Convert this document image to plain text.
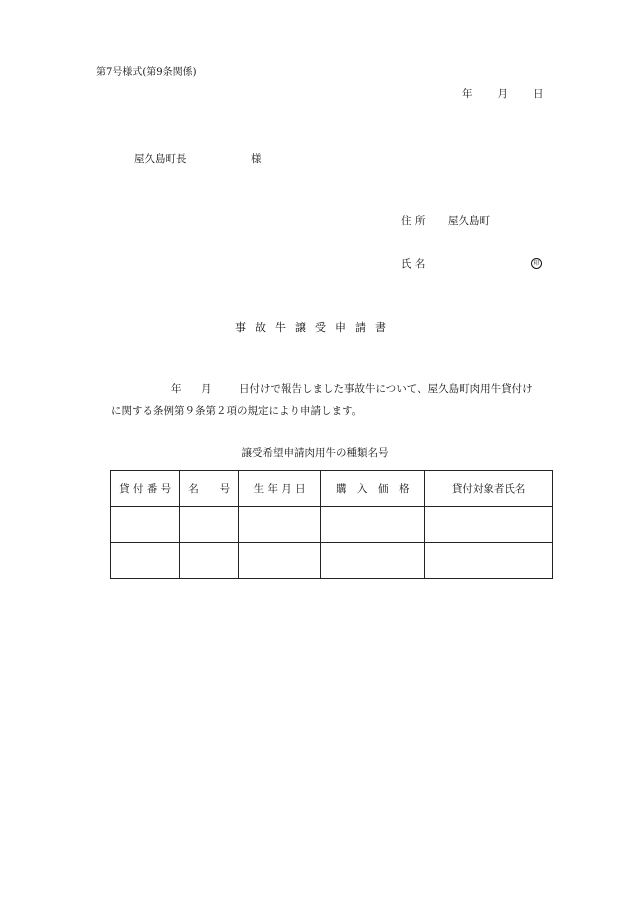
第7号様式(第9条関係)
年 月 日
屋久島町長	様
住 所 屋久島町
氏 名	印
事故牛譲受申請書
年 月	日付けで報告しました事故牛について、屋久島町肉用牛貸付け
に関する条例第９条第２項の規定により申請します。
譲受希望申請肉用牛の種類名号
貸 付 番 号	名　　号	生 年 月 日	購　入　価　格	貸付対象者氏名
